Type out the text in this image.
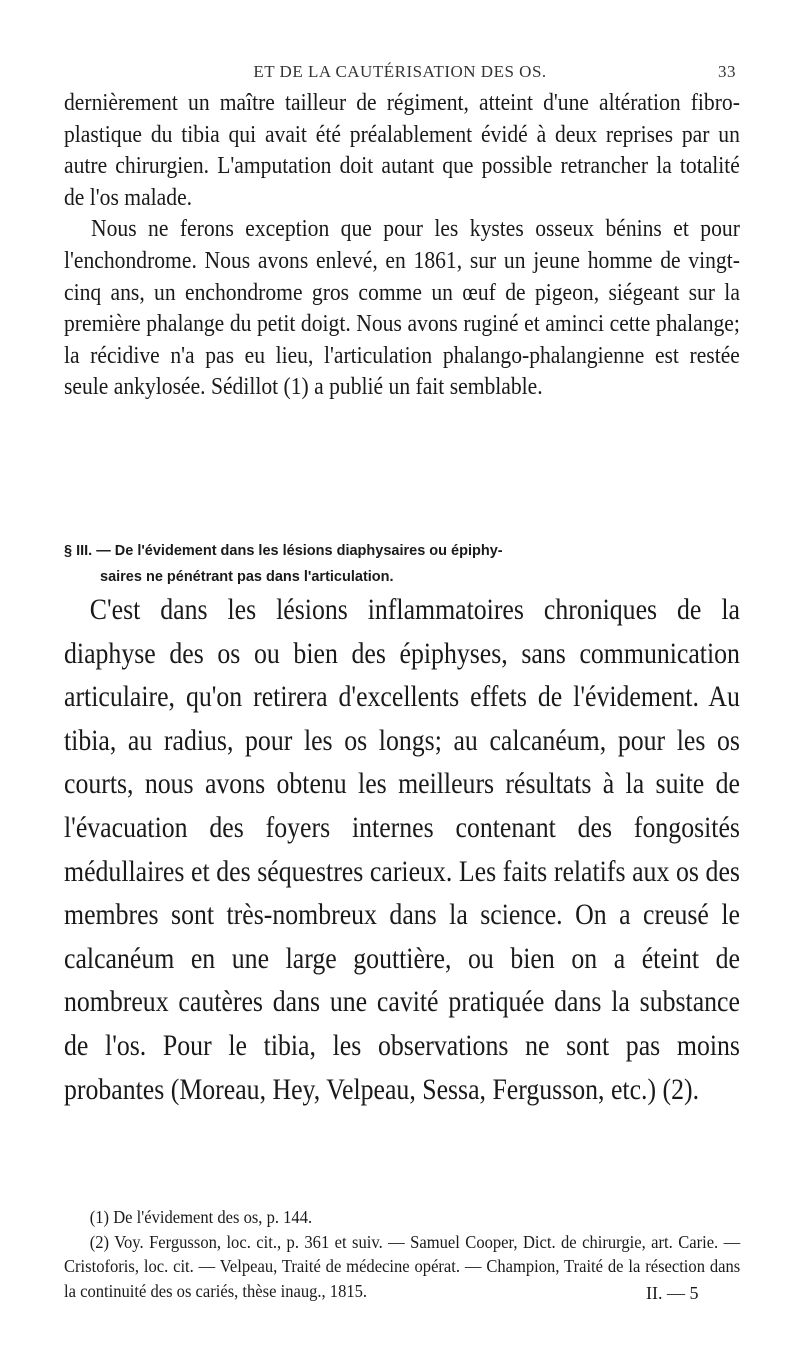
ET DE LA CAUTÉRISATION DES OS.	33

dernièrement un maître tailleur de régiment, atteint d'une altération fibro-plastique du tibia qui avait été préalablement évidé à deux reprises par un autre chirurgien. L'amputation doit autant que possible retrancher la totalité de l'os malade.

Nous ne ferons exception que pour les kystes osseux bénins et pour l'enchondrome. Nous avons enlevé, en 1861, sur un jeune homme de vingt-cinq ans, un enchondrome gros comme un œuf de pigeon, siégeant sur la première phalange du petit doigt. Nous avons ruginé et aminci cette phalange; la récidive n'a pas eu lieu, l'articulation phalango-phalangienne est restée seule ankylosée. Sédillot (1) a publié un fait semblable.

§ III. — De l'évidement dans les lésions diaphysaires ou épiphy-
saires ne pénétrant pas dans l'articulation.

C'est dans les lésions inflammatoires chroniques de la diaphyse des os ou bien des épiphyses, sans communication articulaire, qu'on retirera d'excellents effets de l'évidement. Au tibia, au radius, pour les os longs; au calcanéum, pour les os courts, nous avons obtenu les meilleurs résultats à la suite de l'évacuation des foyers internes contenant des fongosités médullaires et des séquestres carieux. Les faits relatifs aux os des membres sont très-nombreux dans la science. On a creusé le calcanéum en une large gouttière, ou bien on a éteint de nombreux cautères dans une cavité pratiquée dans la substance de l'os. Pour le tibia, les observations ne sont pas moins probantes (Moreau, Hey, Velpeau, Sessa, Fergusson, etc.) (2).

(1) De l'évidement des os, p. 144.

(2) Voy. Fergusson, loc. cit., p. 361 et suiv. — Samuel Cooper, Dict. de chirurgie, art. Carie. — Cristoforis, loc. cit. — Velpeau, Traité de médecine opérat. — Champion, Traité de la résection dans la continuité des os cariés, thèse inaug., 1815.	II. — 5
